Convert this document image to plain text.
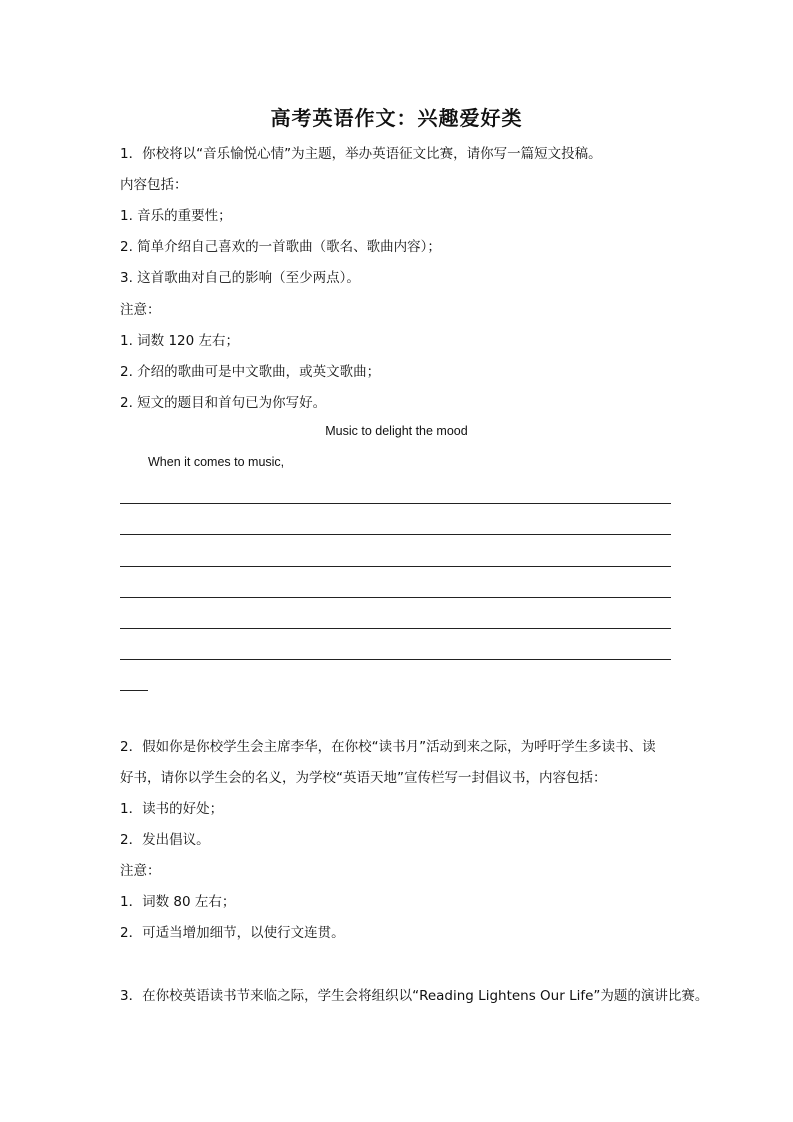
高考英语作文：兴趣爱好类
1．你校将以“音乐愉悦心情”为主题，举办英语征文比赛，请你写一篇短文投稿。
内容包括：
1. 音乐的重要性；
2. 简单介绍自己喜欢的一首歌曲（歌名、歌曲内容）；
3. 这首歌曲对自己的影响（至少两点）。
注意：
1. 词数 120 左右；
2. 介绍的歌曲可是中文歌曲，或英文歌曲；
2. 短文的题目和首句已为你写好。
Music to delight the mood
When it comes to music,
2．假如你是你校学生会主席李华，在你校“读书月”活动到来之际，为呼吁学生多读书、读
好书，请你以学生会的名义，为学校“英语天地”宣传栏写一封倡议书，内容包括：
1．读书的好处；
2．发出倡议。
注意：
1．词数 80 左右；
2．可适当增加细节，以使行文连贯。
3．在你校英语读书节来临之际，学生会将组织以“Reading Lightens Our Life”为题的演讲比赛。
